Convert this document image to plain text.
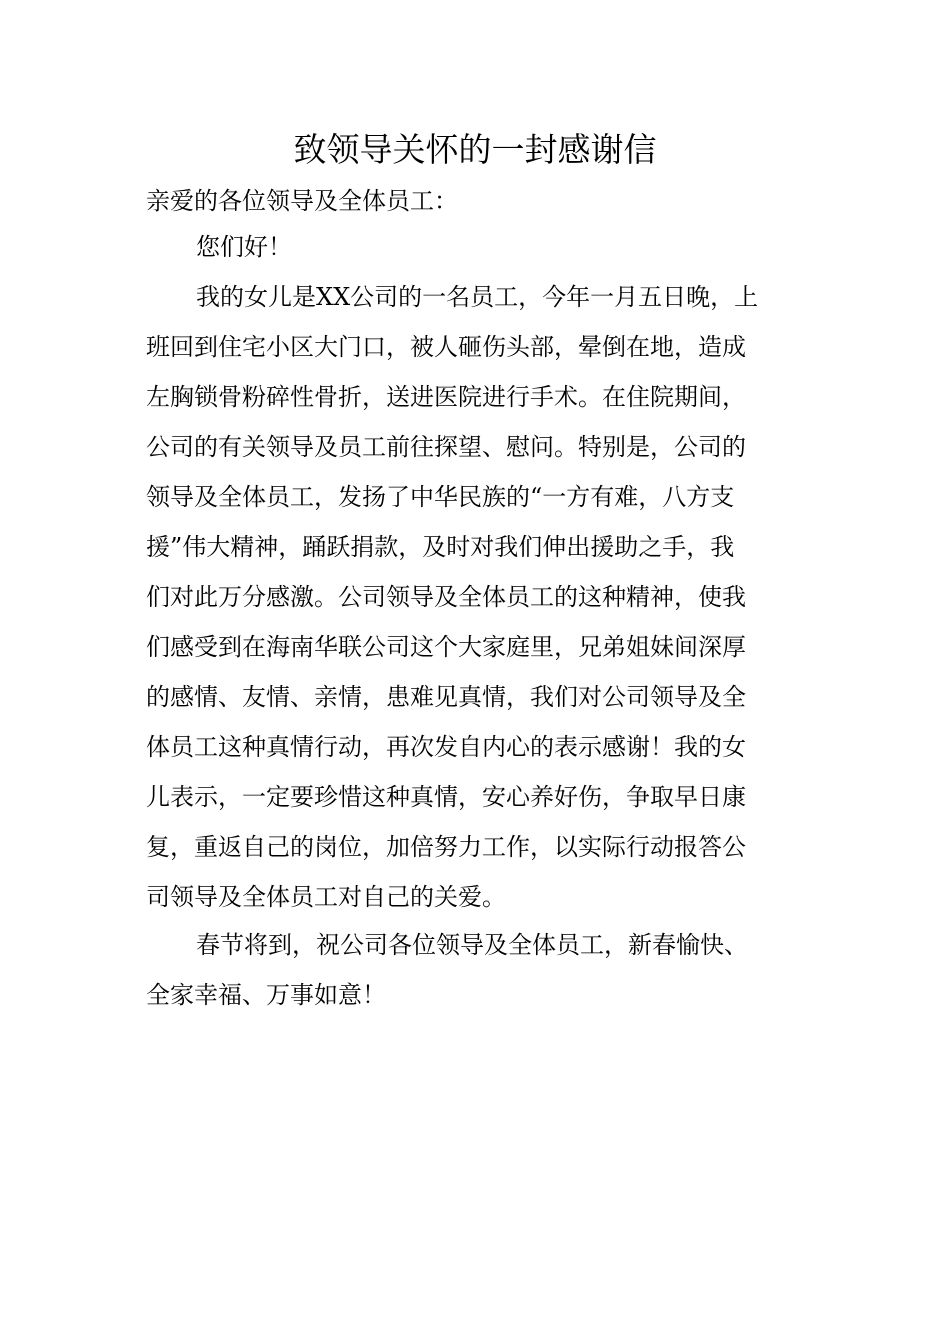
致领导关怀的一封感谢信
亲爱的各位领导及全体员工：
您们好！
我的女儿是XX公司的一名员工，今年一月五日晚，上
班回到住宅小区大门口，被人砸伤头部，晕倒在地，造成
左胸锁骨粉碎性骨折，送进医院进行手术。在住院期间，
公司的有关领导及员工前往探望、慰问。特别是，公司的
领导及全体员工，发扬了中华民族的“一方有难，八方支
援”伟大精神，踊跃捐款，及时对我们伸出援助之手，我
们对此万分感激。公司领导及全体员工的这种精神，使我
们感受到在海南华联公司这个大家庭里，兄弟姐妹间深厚
的感情、友情、亲情，患难见真情，我们对公司领导及全
体员工这种真情行动，再次发自内心的表示感谢！我的女
儿表示，一定要珍惜这种真情，安心养好伤，争取早日康
复，重返自己的岗位，加倍努力工作，以实际行动报答公
司领导及全体员工对自己的关爱。
春节将到，祝公司各位领导及全体员工，新春愉快、
全家幸福、万事如意！
